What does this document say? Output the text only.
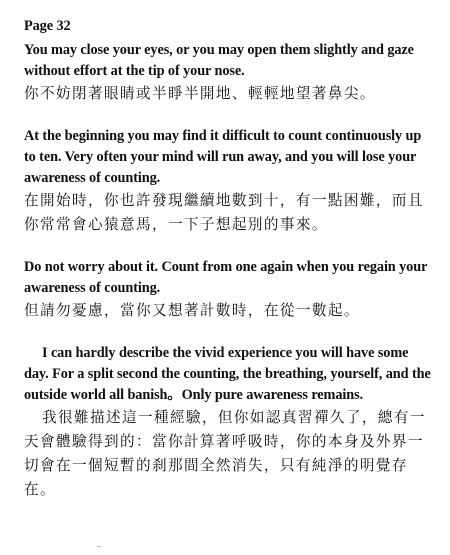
Page 32

You may close your eyes, or you may open them slightly and gaze without effort at the tip of your nose.

你不妨閉著眼睛或半睜半開地、輕輕地望著鼻尖。

At the beginning you may find it difficult to count continuously up to ten. Very often your mind will run away, and you will lose your awareness of counting.

在開始時，你也許發現繼續地數到十，有一點困難，而且你常常會心猿意馬，一下子想起別的事來。

Do not worry about it. Count from one again when you regain your awareness of counting.

但請勿憂慮，當你又想著計數時，在從一數起。

I can hardly describe the vivid experience you will have some day. For a split second the counting, the breathing, yourself, and the outside world all banish。Only pure awareness remains.

我很難描述這一種經驗，但你如認真習禪久了，總有一天會體驗得到的：當你計算著呼吸時，你的本身及外界一切會在一個短暫的刹那間全然消失，只有純淨的明覺存在。
